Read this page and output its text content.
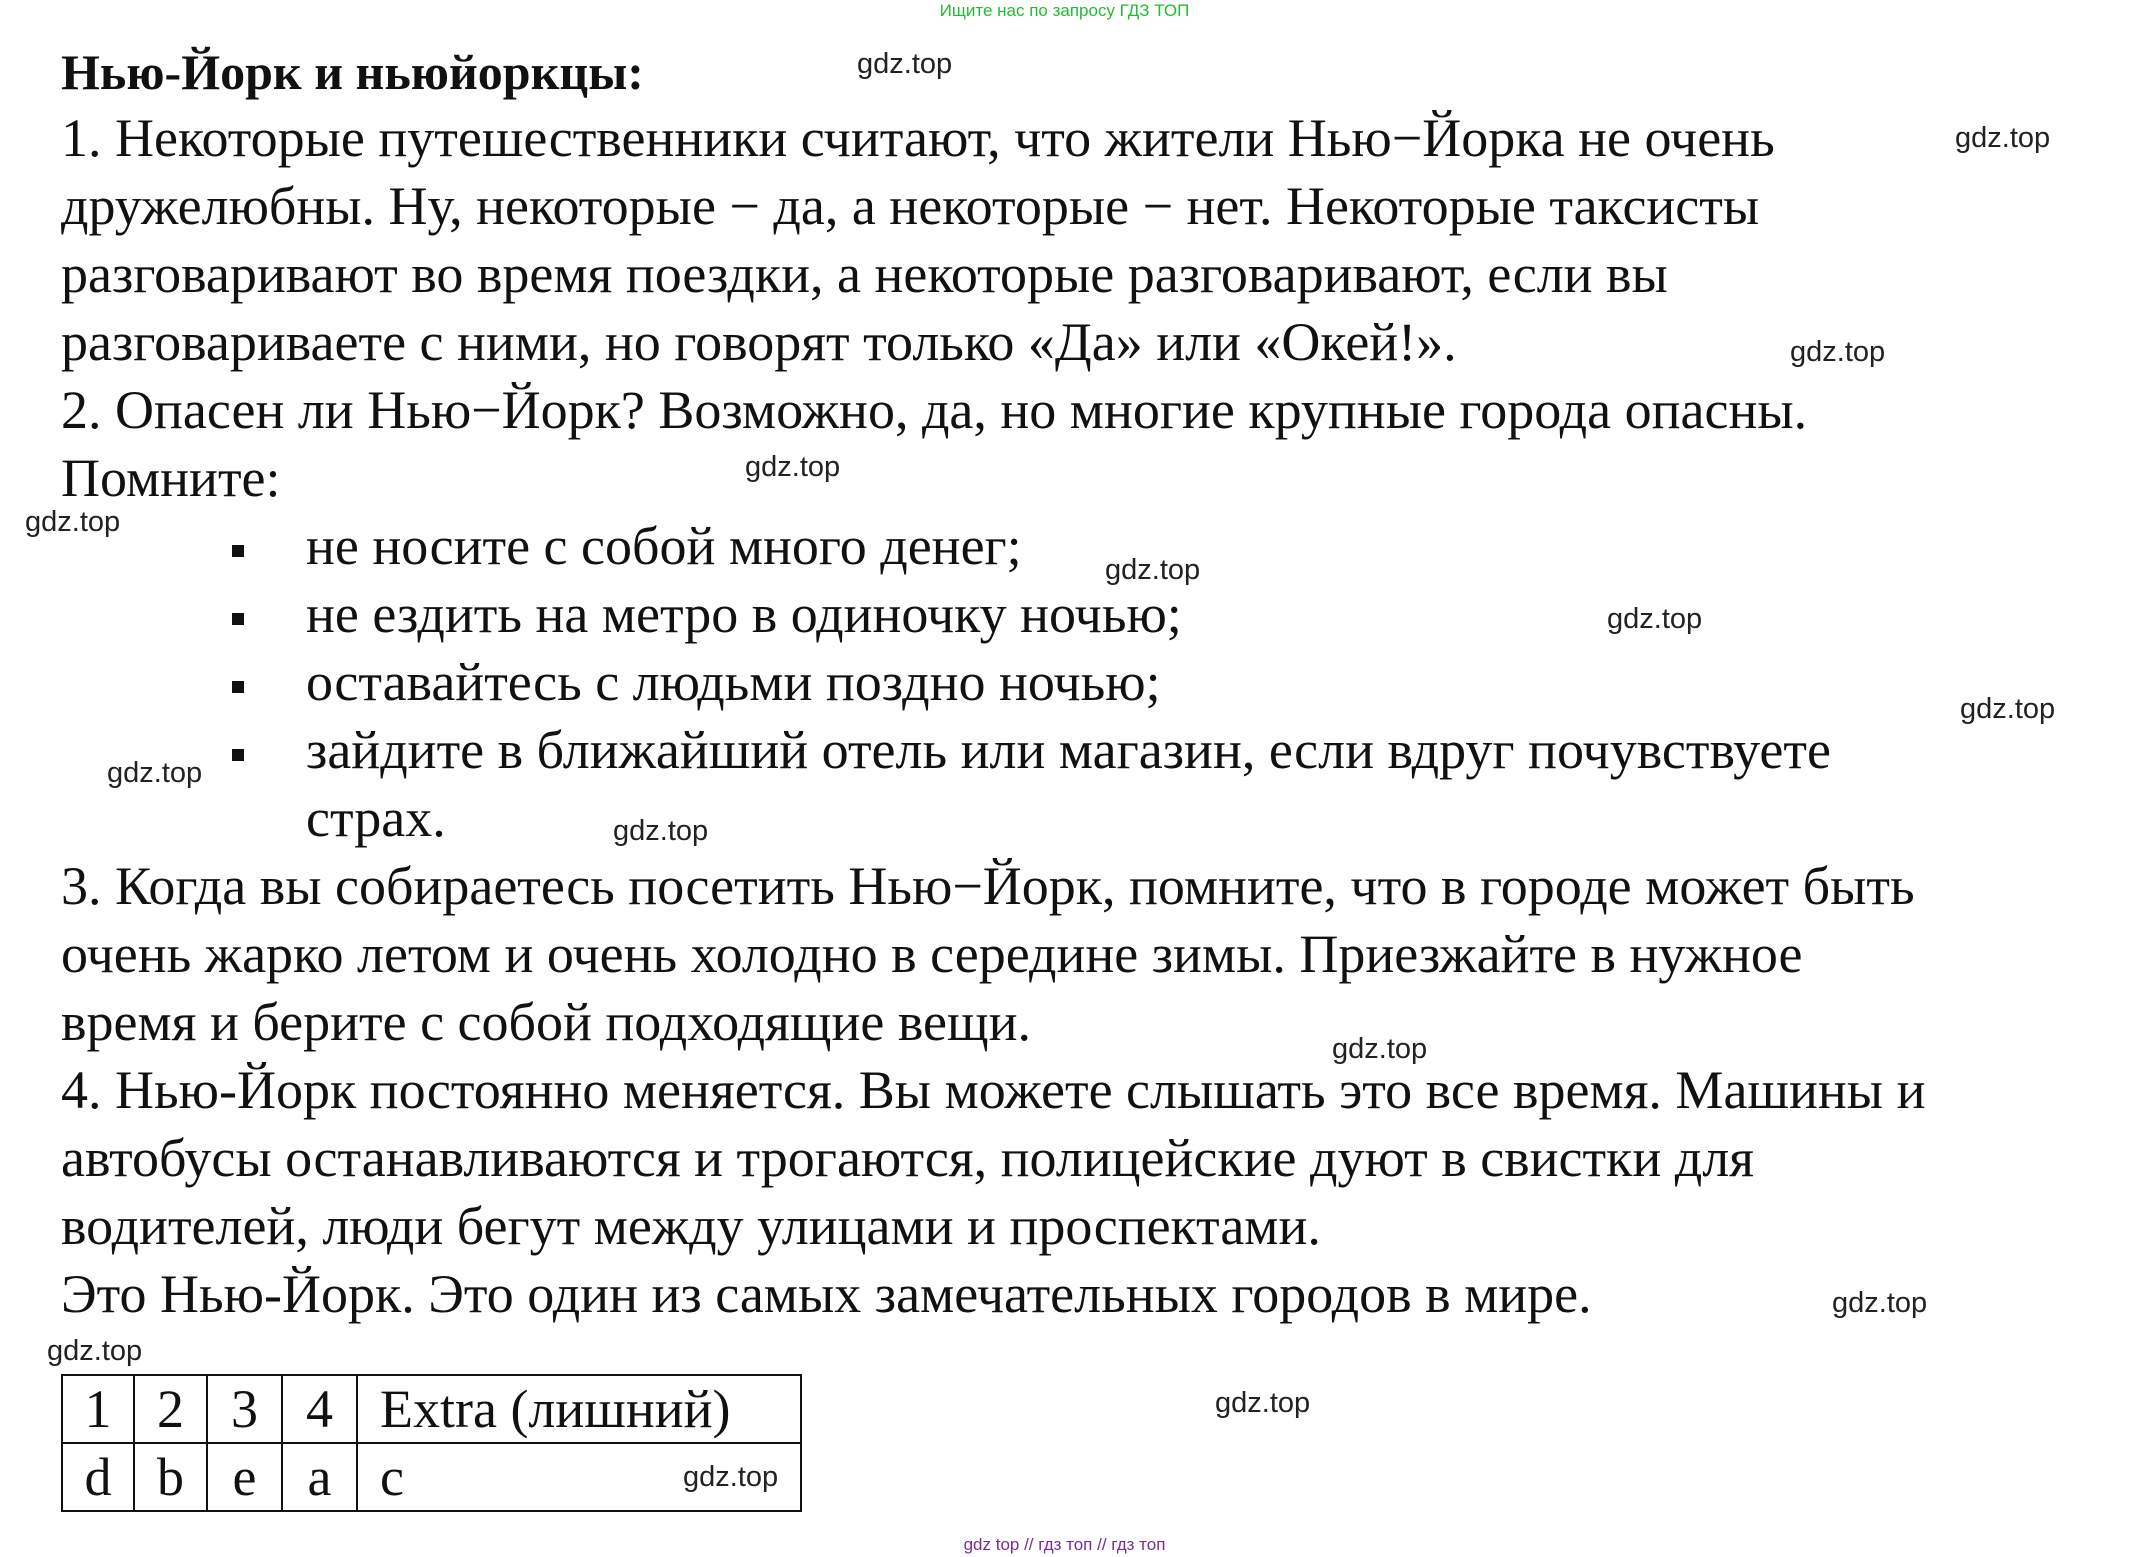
Ищите нас по запросу ГДЗ ТОП
Нью-Йорк и ньюйоркцы:

1. Некоторые путешественники считают, что жители Нью−Йорка не очень

дружелюбны. Ну, некоторые − да, а некоторые − нет. Некоторые таксисты

разговаривают во время поездки, а некоторые разговаривают, если вы

разговариваете с ними, но говорят только «Да» или «Окей!».

2. Опасен ли Нью−Йорк? Возможно, да, но многие крупные города опасны.

Помните:

не носите с собой много денег;
не ездить на метро в одиночку ночью;
оставайтесь с людьми поздно ночью;
зайдите в ближайший отель или магазин, если вдруг почувствуете
страх.

3. Когда вы собираетесь посетить Нью−Йорк, помните, что в городе может быть

очень жарко летом и очень холодно в середине зимы. Приезжайте в нужное

время и берите с собой подходящие вещи.

4. Нью-Йорк постоянно меняется. Вы можете слышать это все время. Машины и

автобусы останавливаются и трогаются, полицейские дуют в свистки для

водителей, люди бегут между улицами и проспектами.

Это Нью-Йорк. Это один из самых замечательных городов в мире.

1	2	3	4	Extra (лишний)
d	b	e	a	c
gdz.top
gdz.top
gdz.top
gdz.top
gdz.top
gdz.top
gdz.top
gdz.top
gdz.top
gdz.top
gdz.top
gdz.top
gdz.top
gdz.top
gdz.top
gdz top // гдз топ // гдз топ
